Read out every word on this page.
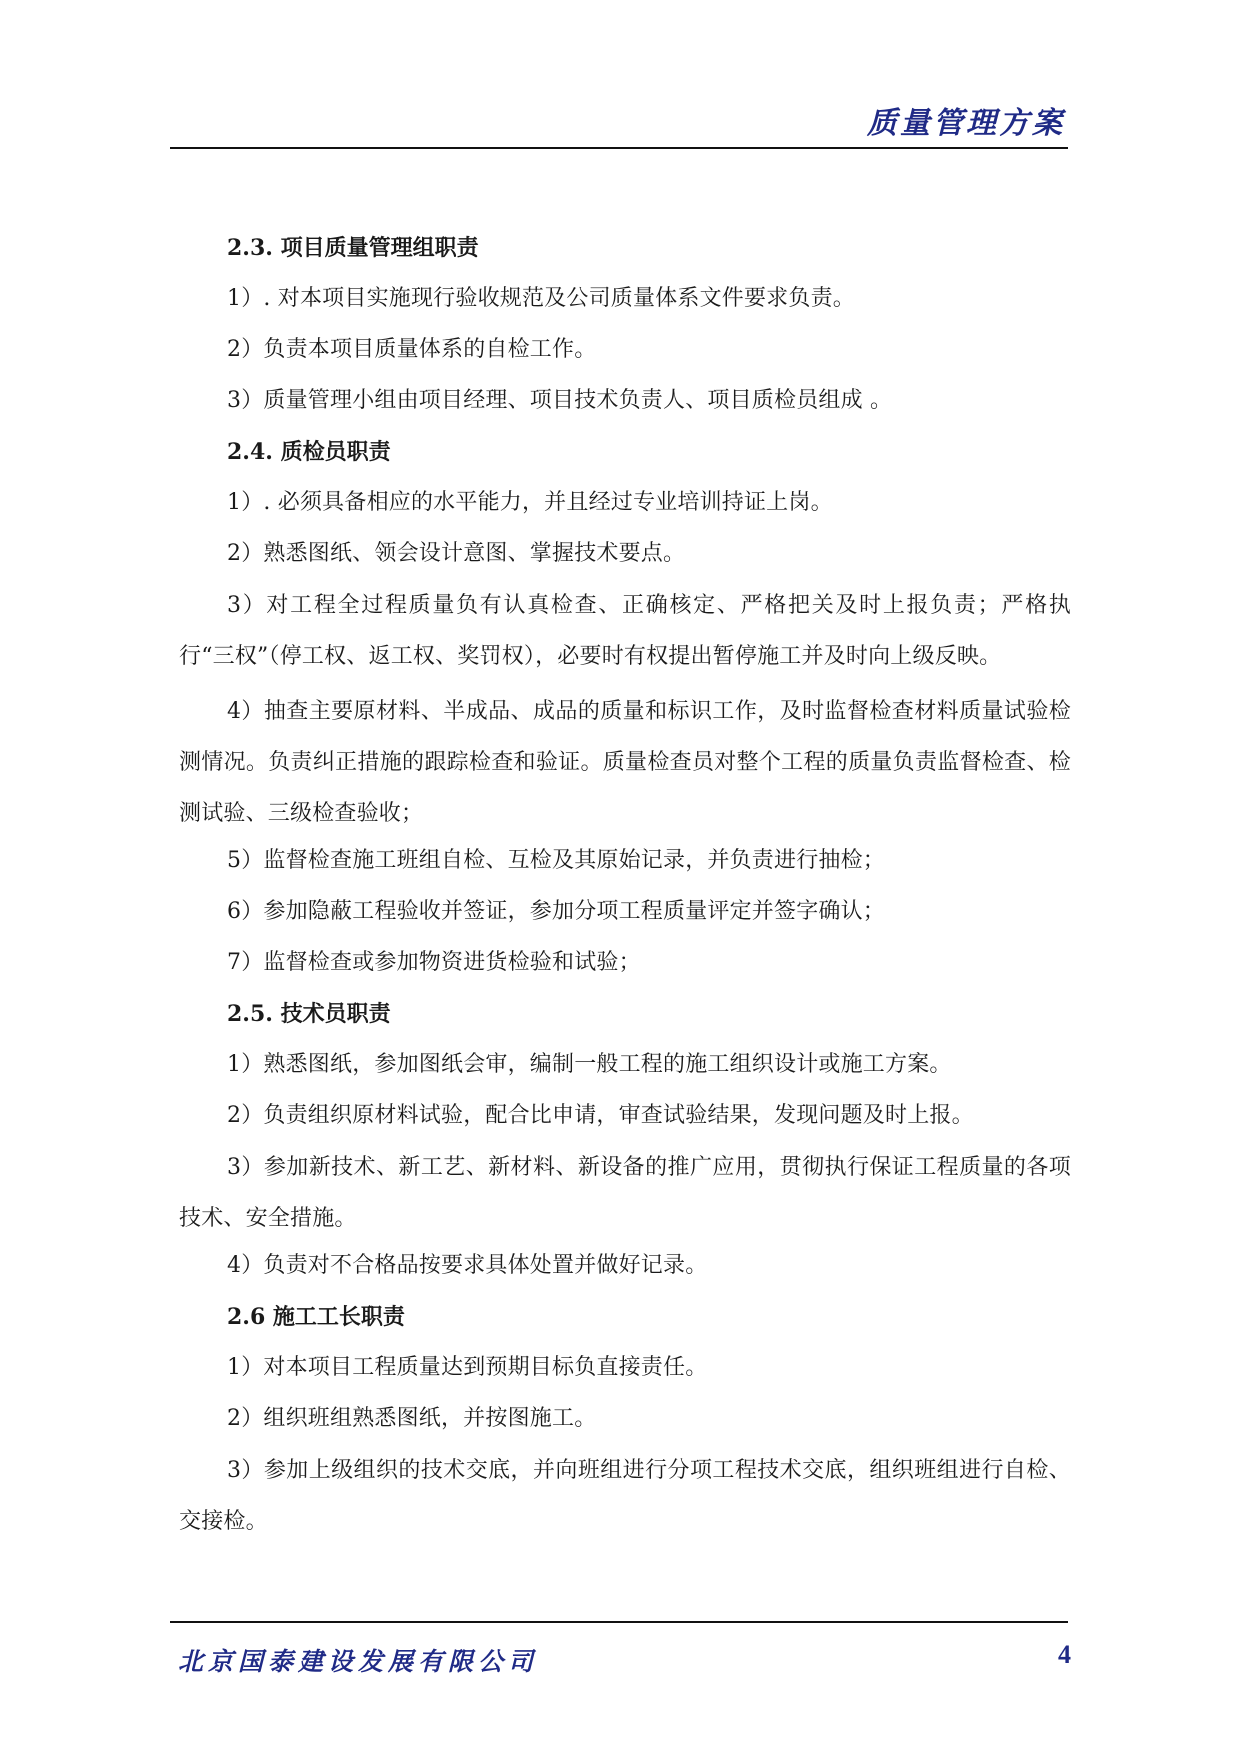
质量管理方案
2.3. 项目质量管理组职责

1）. 对本项目实施现行验收规范及公司质量体系文件要求负责。

2）负责本项目质量体系的自检工作。

3）质量管理小组由项目经理、项目技术负责人、项目质检员组成 。

2.4. 质检员职责

1）. 必须具备相应的水平能力，并且经过专业培训持证上岗。

2）熟悉图纸、领会设计意图、掌握技术要点。

3）对工程全过程质量负有认真检查、正确核定、严格把关及时上报负责；严格执行“三权”（停工权、返工权、奖罚权），必要时有权提出暂停施工并及时向上级反映。

4）抽查主要原材料、半成品、成品的质量和标识工作，及时监督检查材料质量试验检测情况。负责纠正措施的跟踪检查和验证。质量检查员对整个工程的质量负责监督检查、检测试验、三级检查验收；

5）监督检查施工班组自检、互检及其原始记录，并负责进行抽检；

6）参加隐蔽工程验收并签证，参加分项工程质量评定并签字确认；

7）监督检查或参加物资进货检验和试验；

2.5. 技术员职责

1）熟悉图纸，参加图纸会审，编制一般工程的施工组织设计或施工方案。

2）负责组织原材料试验，配合比申请，审查试验结果，发现问题及时上报。

3）参加新技术、新工艺、新材料、新设备的推广应用，贯彻执行保证工程质量的各项技术、安全措施。

4）负责对不合格品按要求具体处置并做好记录。

2.6 施工工长职责

1）对本项目工程质量达到预期目标负直接责任。

2）组织班组熟悉图纸，并按图施工。

3）参加上级组织的技术交底，并向班组进行分项工程技术交底，组织班组进行自检、交接检。

北京国泰建设发展有限公司	4
